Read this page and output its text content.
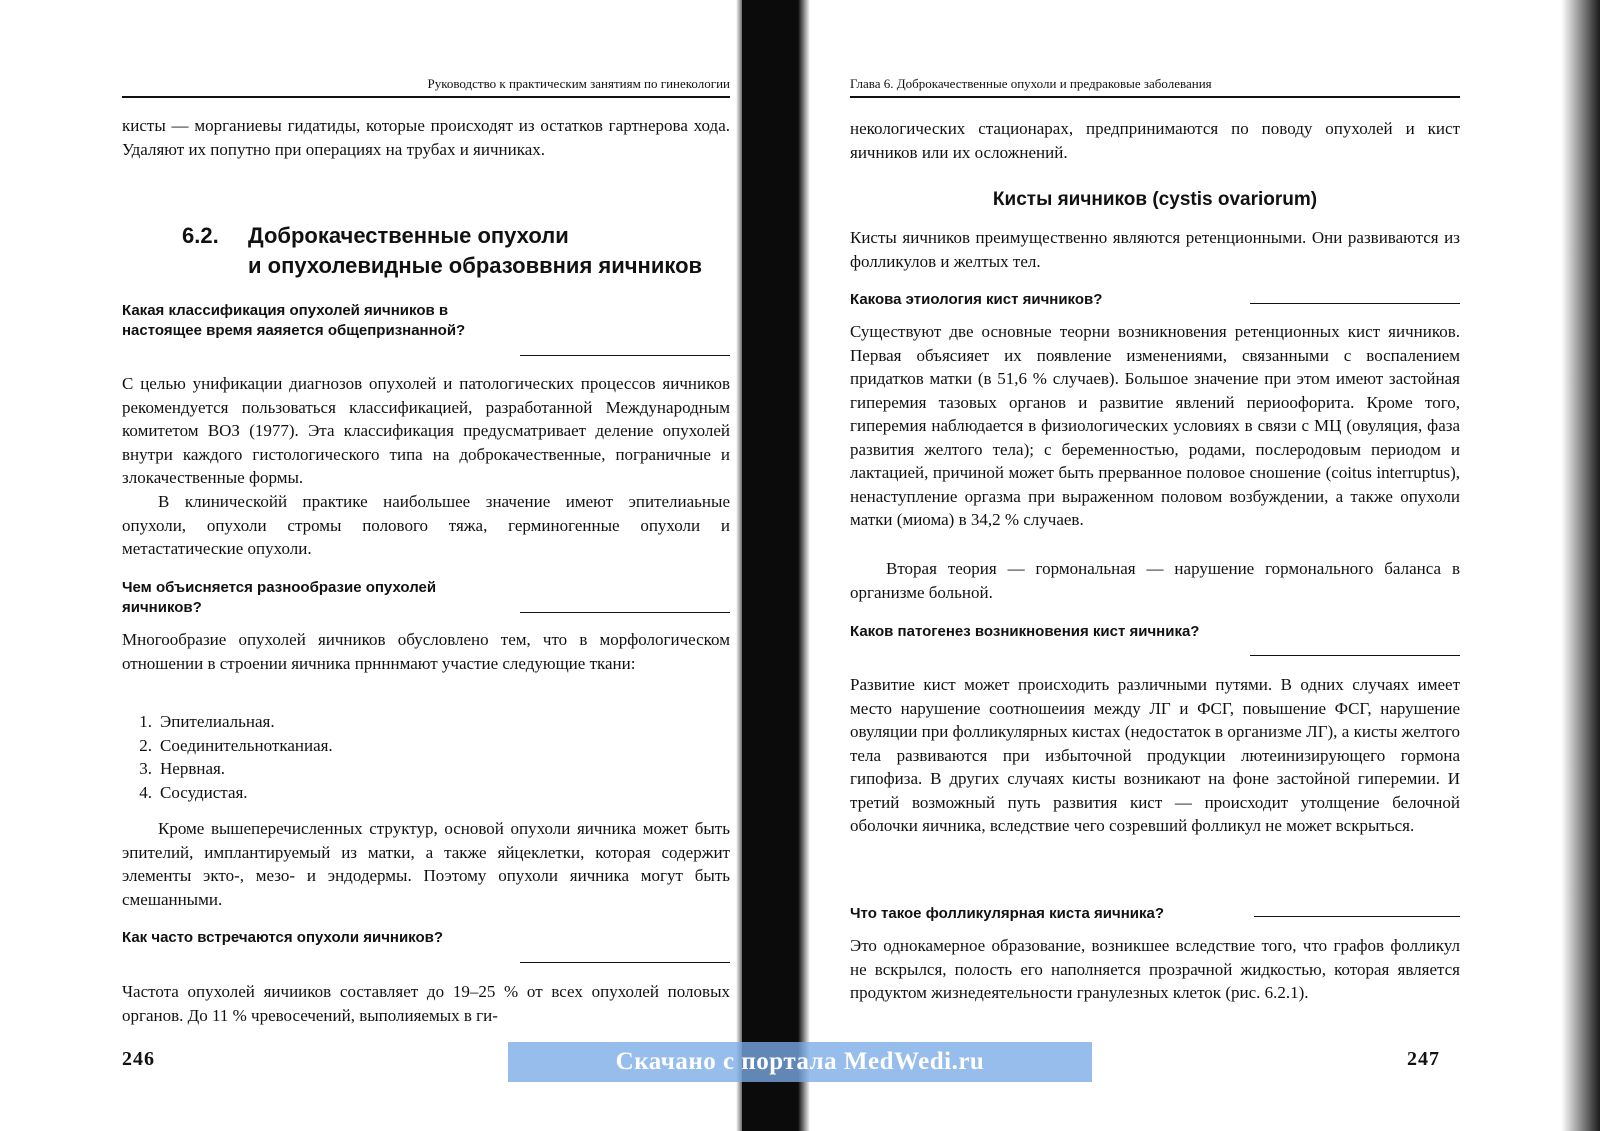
Руководство к практическим занятиям по гинекологии

кисты — морганиевы гидатиды, которые происходят из остатков гартнерова хода. Удаляют их попутно при операциях на трубах и яичниках.

6.2.	Доброкачественные опухоли
и опухолевидные образоввния яичников
Какая классификация опухолей яичников в настоящее время яаяяется общепризнанной?

С целью унификации диагнозов опухолей и патологических процессов яичников рекомендуется пользоваться классификацией, разработанной Международным комитетом ВОЗ (1977). Эта классификация предусматривает деление опухолей внутри каждого гистологического типа на доброкачественные, пограничные и злокачественные формы.

В клиническойй практике наибольшее значение имеют эпителиаьные опухоли, опухоли стромы полового тяжа, герминогенные опухоли и метастатические опухоли.

Чем объисняется разнообразие опухолей яичников?

Многообразие опухолей яичников обусловлено тем, что в морфологическом отношении в строении яичника прнннмают участие следующие ткани:

1. Эпителиальная.
2. Соединительнотканиая.
3. Нервная.
4. Сосудистая.

Кроме вышеперечисленных структур, основой опухоли яичника может быть эпителий, имплантируемый из матки, а также яйцеклетки, которая содержит элементы экто-, мезо- и эндодермы. Поэтому опухоли яичника могут быть смешанными.

Как часто встречаются опухоли яичников?

Частота опухолей яичииков составляет до 19–25 % от всех опухолей половых органов. До 11 % чревосечений, выполияемых в ги-

246
Глава 6. Доброкачественные опухоли и предраковые заболевания

некологических стационарах, предпринимаются по поводу опухолей и кист яичников или их осложнений.

Кисты яичников (cystis ovariorum)

Кисты яичников преимущественно являются ретенционными. Они развиваются из фолликулов и желтых тел.

Какова этиология кист яичников?

Существуют две основные теорни возникновения ретенционных кист яичников. Первая объясияет их появление изменениями, связанными с воспалением придатков матки (в 51,6 % случаев). Большое значение при этом имеют застойная гиперемия тазовых органов и развитие явлений периоофорита. Кроме того, гиперемия наблюдается в физиологических условиях в связи с МЦ (овуляция, фаза развития желтого тела); с беременностью, родами, послеродовым периодом и лактацией, причиной может быть прерванное половое сношение (coitus interruptus), ненаступление оргазма при выраженном половом возбуждении, а также опухоли матки (миома) в 34,2 % случаев.

Вторая теория — гормональная — нарушение гормонального баланса в организме больной.

Каков патогенез возникновения кист яичника?

Развитие кист может происходить различными путями. В одних случаях имеет место нарушение соотношеиия между ЛГ и ФСГ, повышение ФСГ, нарушение овуляции при фолликулярных кистах (недостаток в организме ЛГ), а кисты желтого тела развиваются при избыточной продукции лютеинизирующего гормона гипофиза. В других случаях кисты возникают на фоне застойной гиперемии. И третий возможный путь развития кист — происходит утолщение белочной оболочки яичника, вследствие чего созревший фолликул не может вскрыться.

Что такое фолликулярная киста яичника?

Это однокамерное образование, возникшее вследствие того, что графов фолликул не вскрылся, полость его наполняется прозрачной жидкостью, которая является продуктом жизнедеятельности гранулезных клеток (рис. 6.2.1).

247
Скачано с портала MedWedi.ru
